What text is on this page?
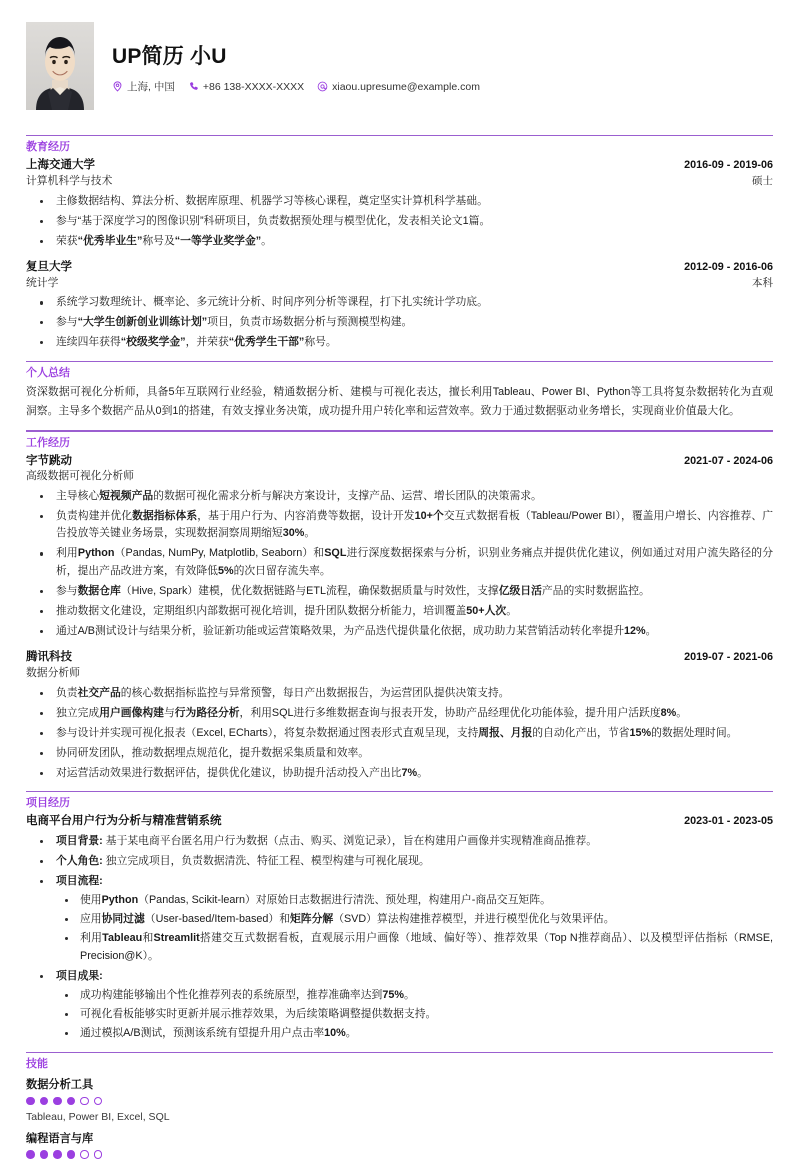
UP简历 小U
上海, 中国	+86 138-XXXX-XXXX	xiaou.upresume@example.com
教育经历
上海交通大学
计算机科学与技术
2016-09 - 2019-06
硕士
主修数据结构、算法分析、数据库原理、机器学习等核心课程，奠定坚实计算机科学基础。
参与“基于深度学习的图像识别”科研项目，负责数据预处理与模型优化，发表相关论文1篇。
荣获“优秀毕业生”称号及“一等学业奖学金”。
复旦大学
统计学
2012-09 - 2016-06
本科
系统学习数理统计、概率论、多元统计分析、时间序列分析等课程，打下扎实统计学功底。
参与“大学生创新创业训练计划”项目，负责市场数据分析与预测模型构建。
连续四年获得“校级奖学金”，并荣获“优秀学生干部”称号。
个人总结
资深数据可视化分析师，具备5年互联网行业经验，精通数据分析、建模与可视化表达，擅长利用Tableau、Power BI、Python等工具将复杂数据转化为直观洞察。主导多个数据产品从0到1的搭建，有效支撑业务决策，成功提升用户转化率和运营效率。致力于通过数据驱动业务增长，实现商业价值最大化。
工作经历
字节跳动
高级数据可视化分析师
2021-07 - 2024-06
主导核心短视频产品的数据可视化需求分析与解决方案设计，支撑产品、运营、增长团队的决策需求。
负责构建并优化数据指标体系，基于用户行为、内容消费等数据，设计开发10+个交互式数据看板（Tableau/Power BI），覆盖用户增长、内容推荐、广告投放等关键业务场景，实现数据洞察周期缩短30%。
利用Python（Pandas, NumPy, Matplotlib, Seaborn）和SQL进行深度数据探索与分析，识别业务痛点并提供优化建议，例如通过对用户流失路径的分析，提出产品改进方案，有效降低5%的次日留存流失率。
参与数据仓库（Hive, Spark）建模，优化数据链路与ETL流程，确保数据质量与时效性，支撑亿级日活产品的实时数据监控。
推动数据文化建设，定期组织内部数据可视化培训，提升团队数据分析能力，培训覆盖50+人次。
通过A/B测试设计与结果分析，验证新功能或运营策略效果，为产品迭代提供量化依据，成功助力某营销活动转化率提升12%。
腾讯科技
数据分析师
2019-07 - 2021-06
负责社交产品的核心数据指标监控与异常预警，每日产出数据报告，为运营团队提供决策支持。
独立完成用户画像构建与行为路径分析，利用SQL进行多维数据查询与报表开发，协助产品经理优化功能体验，提升用户活跃度8%。
参与设计并实现可视化报表（Excel, ECharts），将复杂数据通过图表形式直观呈现，支持周报、月报的自动化产出，节省15%的数据处理时间。
协同研发团队，推动数据埋点规范化，提升数据采集质量和效率。
对运营活动效果进行数据评估，提供优化建议，协助提升活动投入产出比7%。
项目经历
电商平台用户行为分析与精准营销系统	2023-01 - 2023-05
项目背景: 基于某电商平台匿名用户行为数据（点击、购买、浏览记录），旨在构建用户画像并实现精准商品推荐。
个人角色: 独立完成项目，负责数据清洗、特征工程、模型构建与可视化展现。
项目流程:
使用Python（Pandas, Scikit-learn）对原始日志数据进行清洗、预处理，构建用户-商品交互矩阵。
应用协同过滤（User-based/Item-based）和矩阵分解（SVD）算法构建推荐模型，并进行模型优化与效果评估。
利用Tableau和Streamlit搭建交互式数据看板，直观展示用户画像（地域、偏好等）、推荐效果（Top N推荐商品）、以及模型评估指标（RMSE, Precision@K）。
项目成果:
成功构建能够输出个性化推荐列表的系统原型，推荐准确率达到75%。
可视化看板能够实时更新并展示推荐效果，为后续策略调整提供数据支持。
通过模拟A/B测试，预测该系统有望提升用户点击率10%。
技能
数据分析工具
Tableau, Power BI, Excel, SQL
编程语言与库
